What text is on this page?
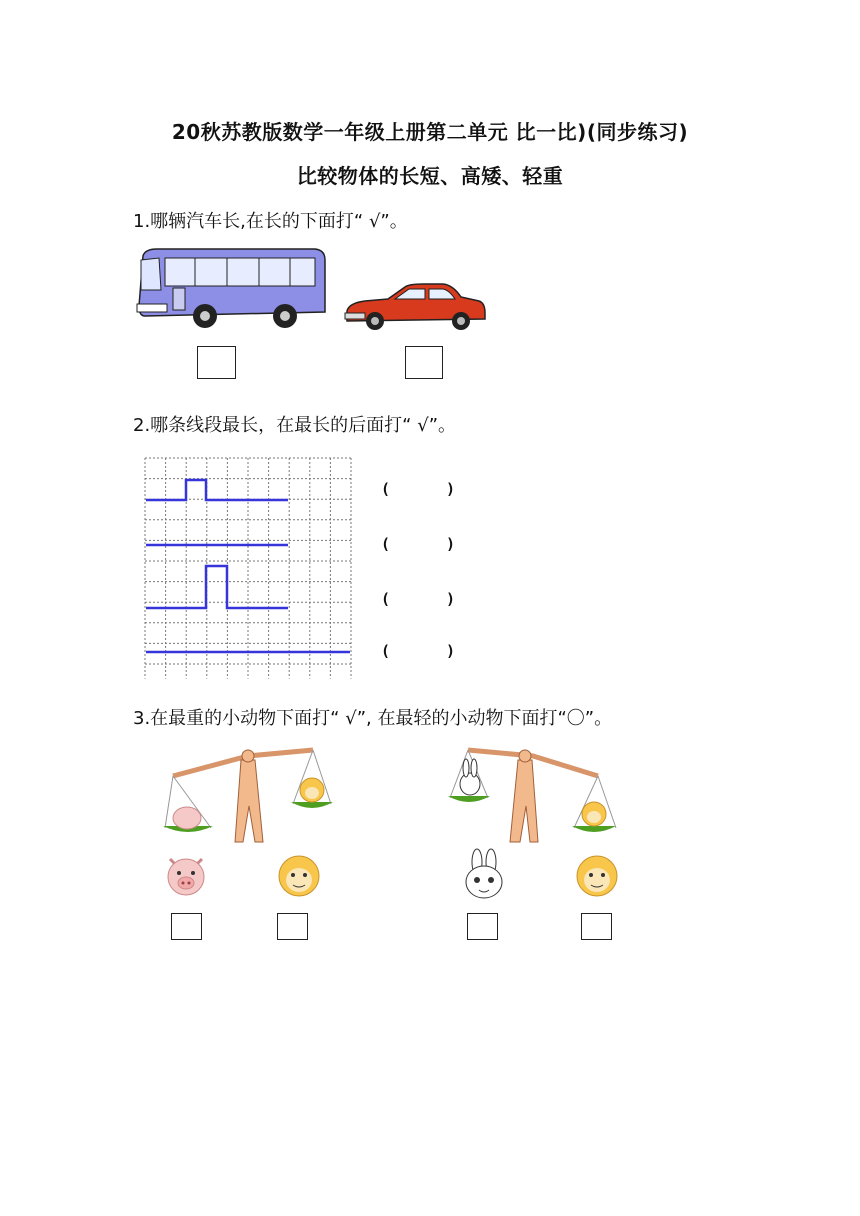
20秋苏教版数学一年级上册第二单元 比一比)(同步练习)
比较物体的长短、高矮、轻重
1.哪辆汽车长,在长的下面打“ √”。
2.哪条线段最长，在最长的后面打“ √”。
(	)
(	)
(	)
(	)
3.在最重的小动物下面打“ √”, 在最轻的小动物下面打“〇”。
